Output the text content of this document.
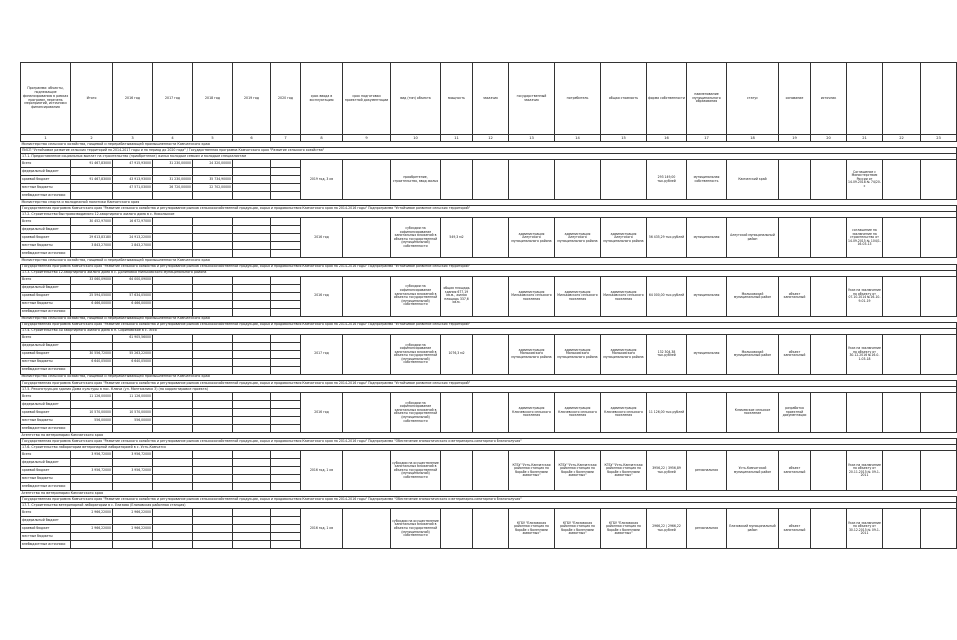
Программа: объекты, подлежащие финансированию в рамках программ, перечень мероприятий, источники финансирования	Итого	2016 год	2017 год	2018 год	2019 год	2020 год	срок ввода в эксплуатацию	срок подготовки проектной документации	вид (тип) объекта	мощность	заказчик	государственный заказчик	потребитель	общая стоимость	форма собственности	наименование муниципального образования	статус	основание	источник			
1	2	3	4	5	6	7	8	9	10	11	12	13	14	15	16	17	18	19	20	21	22	23
Министерство сельского хозяйства, пищевой и перерабатывающей промышленности Камчатского края																						
ПИСП "Устойчивое развитие сельских территорий на 2014-2017 годы и на период до 2020 года" / Государственная программа Камчатского края "Развитие сельского хозяйства"																						
17.1. Предоставление социальных выплат на строительство (приобретение) жилья молодым семьям и молодым специалистам																						
Всего	91 467,83000	47 915,93000	31 230,00000	24 320,00000			2019 год, 3 кв		приобретение, строительство, ввод жилья						293 149,00 тыс.рублей	муниципальная собственность	Камчатский край			Соглашение с Министерством России от 14.09.2018 № 74/20-с		
федеральный бюджет																						
краевой бюджет	91 467,83000	43 913,93000	31 230,00000	35 734,90000																		
местные бюджеты		47 571,03000	26 720,00000	22 702,00000																		
внебюджетные источники																						
Министерство спорта и молодежной политики Камчатского края																						
Государственная программа Камчатского края "Развитие сельского хозяйства и регулирование рынков сельскохозяйственной продукции, сырья и продовольствия Камчатского края на 2014-2016 годы" Подпрограмма "Устойчивое развитие сельских территорий"																						
17.2. Строительство быстровозводимого 12-квартирного жилого дома в с. Никольское																						
Всего	30 452,97000	16 672,97000					2016 год		субсидии на софинансирование капитальных вложений в объекты государственной (муниципальной) собственности	549,3 м2		администрация Алеутского муниципального района	администрация Алеутского муниципального района	администрация Алеутского муниципального района	56 435,29 тыс.рублей	муниципальная	Алеутский муниципальный район			соглашение на заключение на строительство от 14.09.2015 № 104/1-16-03-13		
федеральный бюджет																						
краевой бюджет	29 613,83180	24 913,22000																				
местные бюджеты	3 843,27000	2 843,27000																				
внебюджетные источники																						
Министерство сельского хозяйства, пищевой и перерабатывающей промышленности Камчатского края																						
Государственная программа Камчатского края "Развитие сельского хозяйства и регулирование рынков сельскохозяйственной продукции, сырья и продовольствия Камчатского края на 2014-2016 годы" Подпрограмма "Устойчивое развитие сельских территорий"																						
17.3. Строительство 12-квартирного жилого дома в с. Долиновка Мильковского муниципального района																						
Всего	33 060,09000	64 000,09000					2016 год		субсидии на софинансирование капитальных вложений в объекты государственной (муниципальной) собственности	общая площадь здания 677,19 кв.м., жилая площадь 337,6 кв.м.		администрация Мильковского сельского поселения	администрация Мильковского сельского поселения	администрация Мильковского сельского поселения	64 000,00 тыс.рублей	муниципальная	Мильковский муниципальный район	объект капитальный		Указ на заключение по объекту от 07.10.2014 №16-10-9-01-19		
федеральный бюджет																						
краевой бюджет	25 594,05000	57 634,05000																				
местные бюджеты	6 466,00000	6 466,00000																				
внебюджетные источники																						
Министерство сельского хозяйства, пищевой и перерабатывающей промышленности Камчатского края																						
Государственная программа Камчатского края "Развитие сельского хозяйства и регулирование рынков сельскохозяйственной продукции, сырья и продовольствия Камчатского края на 2014-2016 годы" Подпрограмма "Устойчивое развитие сельских территорий"																						
17.4. Строительство 40 квартирного жилого дома в п. Сириновское в с. Эссо																						
Всего		61 905,56000					2017 год		субсидии на софинансирование капитальных вложений в объекты государственной (муниципальной) собственности	1076,3 м2		администрация Мильковского муниципального района	администрация Мильковского муниципального района	администрация Мильковского муниципального района	132 304,38 тыс.рублей	муниципальная	Мильковский муниципальный район	объект капитальный		Указ на заключение по объекту от 30.12.2016 №16-0-1-03-18		
федеральный бюджет																						
краевой бюджет	30 556,72000	55 263,22000																				
местные бюджеты	6 640,05000	6 640,05000																				
внебюджетные источники																						
Министерство сельского хозяйства, пищевой и перерабатывающей промышленности Камчатского края																						
Государственная программа Камчатского края "Развитие сельского хозяйства и регулирование рынков сельскохозяйственной продукции, сырья и продовольствия Камчатского края на 2014-2016 годы" Подпрограмма "Устойчивое развитие сельских территорий"																						
17.5. Реконструкция здания Дома культуры в пос. Ключи (ул. Монтажника 3) (по корректировке проекта)																						
Всего	11 126,00000	11 126,00000					2016 год		субсидии на софинансирование капитальных вложений в объекты государственной (муниципальной) собственности			администрация Ключевского сельского поселения	администрация Ключевского сельского поселения	администрация Ключевского сельского поселения	11 126,00 тыс.рублей		Ключевское сельское поселение	разработка проектной документации				
федеральный бюджет																						
краевой бюджет	10 570,00000	10 570,00000																				
местные бюджеты	556,00000	556,00000																				
внебюджетные источники																						
Агентство по ветеринарии Камчатского края																						
Государственная программа Камчатского края "Развитие сельского хозяйства и регулирование рынков сельскохозяйственной продукции, сырья и продовольствия Камчатского края на 2014-2016 годы" Подпрограмма "Обеспечение эпизоотического и ветеринарно-санитарного благополучия"																						
17.6. Строительство лаборатории ветеринарной лабораторией в с. Усть-Камчатск																						
Всего	3 956,72000	3 956,72000					2016 год, 1 кв		субсидии на осуществление капитальных вложений в объекты государственной (муниципальной) собственности			КГБУ "Усть-Камчатская районная станция по борьбе с болезнями животных"	КГБУ "Усть-Камчатская районная станция по борьбе с болезнями животных"	КГБУ "Усть-Камчатская районная станция по борьбе с болезнями животных"	3956,22 / 3956,89 тыс.рублей	региональная	Усть-Камчатский муниципальный район	объект капитальный		Указ на заключение по объекту от 20.11.2015 № 09-1-2011		
федеральный бюджет																						
краевой бюджет	3 956,72000	3 956,72000																				
местные бюджеты																						
внебюджетные источники																						
Агентство по ветеринарии Камчатского края																						
Государственная программа Камчатского края "Развитие сельского хозяйства и регулирование рынков сельскохозяйственной продукции, сырья и продовольствия Камчатского края на 2014-2016 годы" Подпрограмма "Обеспечение эпизоотического и ветеринарно-санитарного благополучия"																						
17.7. Строительство ветеринарной лаборатории в с. Елизово (Елизовская районная станция)																						
Всего	2 966,22000	2 966,22000					2016 год, 1 кв		субсидии на осуществление капитальных вложений в объекты государственной (муниципальной) собственности			КГБУ "Елизовская районная станция по борьбе с болезнями животных"	КГБУ "Елизовская районная станция по борьбе с болезнями животных"	КГБУ "Елизовская районная станция по борьбе с болезнями животных"	2966,22 / 2966,22 тыс.рублей	региональная	Елизовский муниципальный район	объект капитальный		Указ на заключение по объекту от 30.12.2015 № 09-1-2011		
федеральный бюджет																						
краевой бюджет	2 966,22000	2 966,22000																				
местные бюджеты																						
внебюджетные источники																						
